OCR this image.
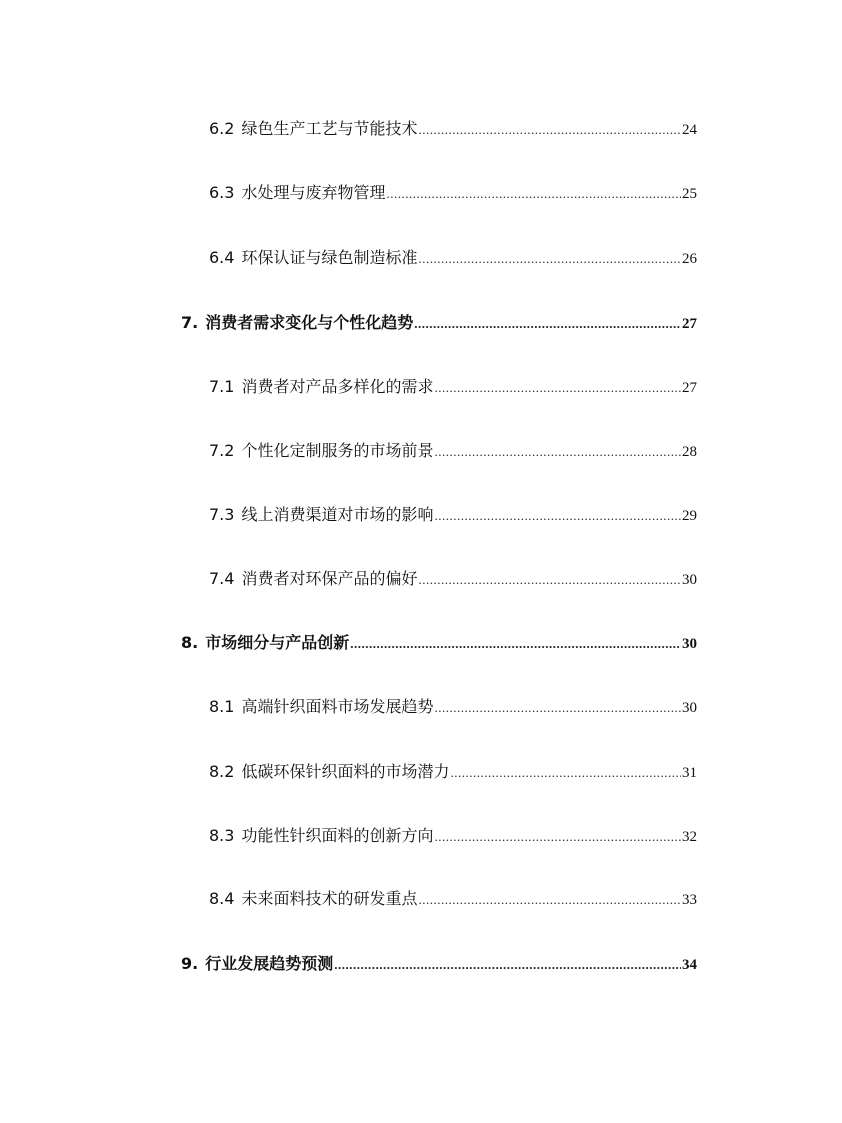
6.2 绿色生产工艺与节能技术 .....	24
6.3 水处理与废弃物管理 .....	25
6.4 环保认证与绿色制造标准 .....	26
7. 消费者需求变化与个性化趋势 .....	27
7.1 消费者对产品多样化的需求 .....	27
7.2 个性化定制服务的市场前景 .....	28
7.3 线上消费渠道对市场的影响 .....	29
7.4 消费者对环保产品的偏好 .....	30
8. 市场细分与产品创新 .....	30
8.1 高端针织面料市场发展趋势 .....	30
8.2 低碳环保针织面料的市场潜力 .....	31
8.3 功能性针织面料的创新方向 .....	32
8.4 未来面料技术的研发重点 .....	33
9. 行业发展趋势预测 .....	34
